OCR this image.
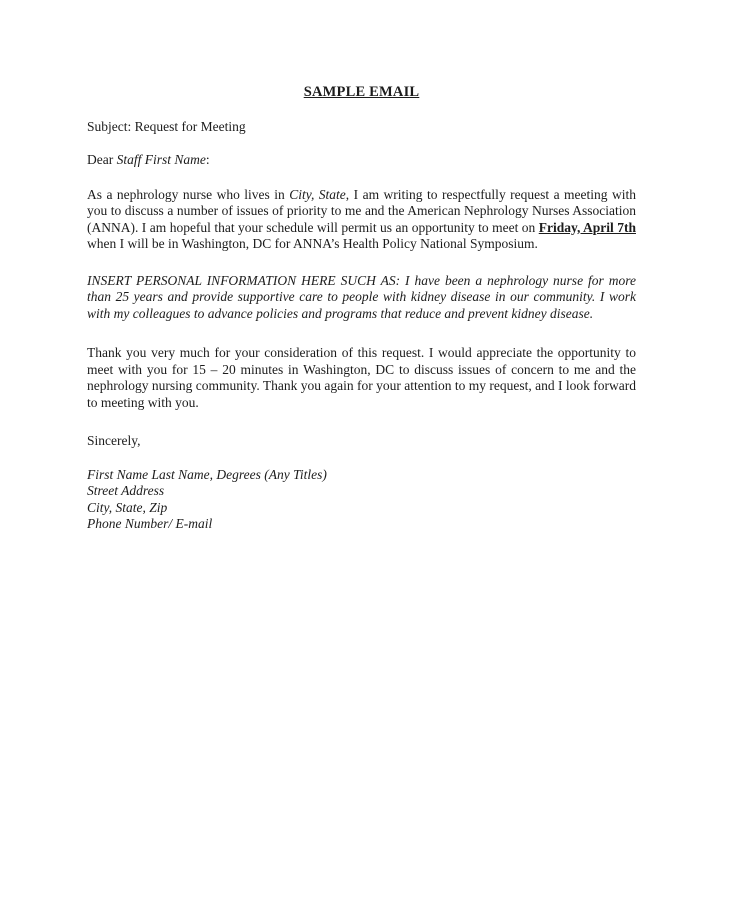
SAMPLE EMAIL
Subject: Request for Meeting
Dear Staff First Name:

As a nephrology nurse who lives in City, State, I am writing to respectfully request a meeting with you to discuss a number of issues of priority to me and the American Nephrology Nurses Association (ANNA). I am hopeful that your schedule will permit us an opportunity to meet on Friday, April 7th when I will be in Washington, DC for ANNA’s Health Policy National Symposium.

INSERT PERSONAL INFORMATION HERE SUCH AS: I have been a nephrology nurse for more than 25 years and provide supportive care to people with kidney disease in our community. I work with my colleagues to advance policies and programs that reduce and prevent kidney disease.

Thank you very much for your consideration of this request. I would appreciate the opportunity to meet with you for 15 – 20 minutes in Washington, DC to discuss issues of concern to me and the nephrology nursing community. Thank you again for your attention to my request, and I look forward to meeting with you.

Sincerely,
First Name Last Name, Degrees (Any Titles)
Street Address
City, State, Zip
Phone Number/ E-mail
